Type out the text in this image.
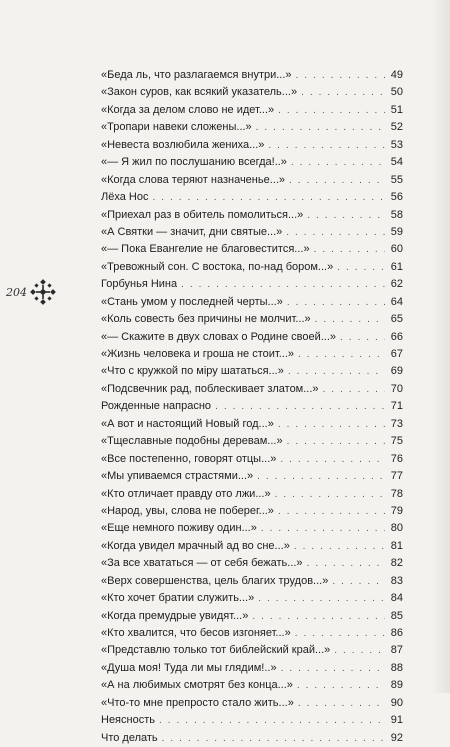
204
«Беда ль, что разлагаемся внутри...» . . .	49
«Закон суров, как всякий указатель...» . . .	50
«Когда за делом слово не идет...» . . .	51
«Тропари навеки сложены...» . . .	52
«Невеста возлюбила жениха...» . . .	53
«— Я жил по послушанию всегда!..» . . .	54
«Когда слова теряют назначенье...» . . .	55
Лёха Нос . . .	56
«Приехал раз в обитель помолиться...» . . .	58
«А Святки — значит, дни святые...» . . .	59
«— Пока Евангелие не благовестится...» . . .	60
«Тревожный сон. С востока, по-над бором...» . . .	61
Горбунья Нина . . .	62
«Стань умом у последней черты...» . . .	64
«Коль совесть без причины не молчит...» . . .	65
«— Скажите в двух словах о Родине своей...» . . .	66
«Жизнь человека и гроша не стоит...» . . .	67
«Что с кружкой по міру шататься...» . . .	69
«Подсвечник рад, поблескивает златом...» . . .	70
Рожденные напрасно . . .	71
«А вот и настоящий Новый год...» . . .	73
«Тщеславные подобны деревам...» . . .	75
«Все постепенно, говорят отцы...» . . .	76
«Мы упиваемся страстями...» . . .	77
«Кто отличает правду ото лжи...» . . .	78
«Народ, увы, слова не поберег...» . . .	79
«Еще немного поживу один...» . . .	80
«Когда увидел мрачный ад во сне...» . . .	81
«За все хвататься — от себя бежать...» . . .	82
«Верх совершенства, цель благих трудов...» . . .	83
«Кто хочет братии служить...» . . .	84
«Когда премудрые увидят...» . . .	85
«Кто хвалится, что бесов изгоняет...» . . .	86
«Представлю только тот библейский край...» . . .	87
«Душа моя! Туда ли мы глядим!..» . . .	88
«А на любимых смотрят без конца...» . . .	89
«Что-то мне препросто стало жить...» . . .	90
Неясность . . .	91
Что делать . . .	92
